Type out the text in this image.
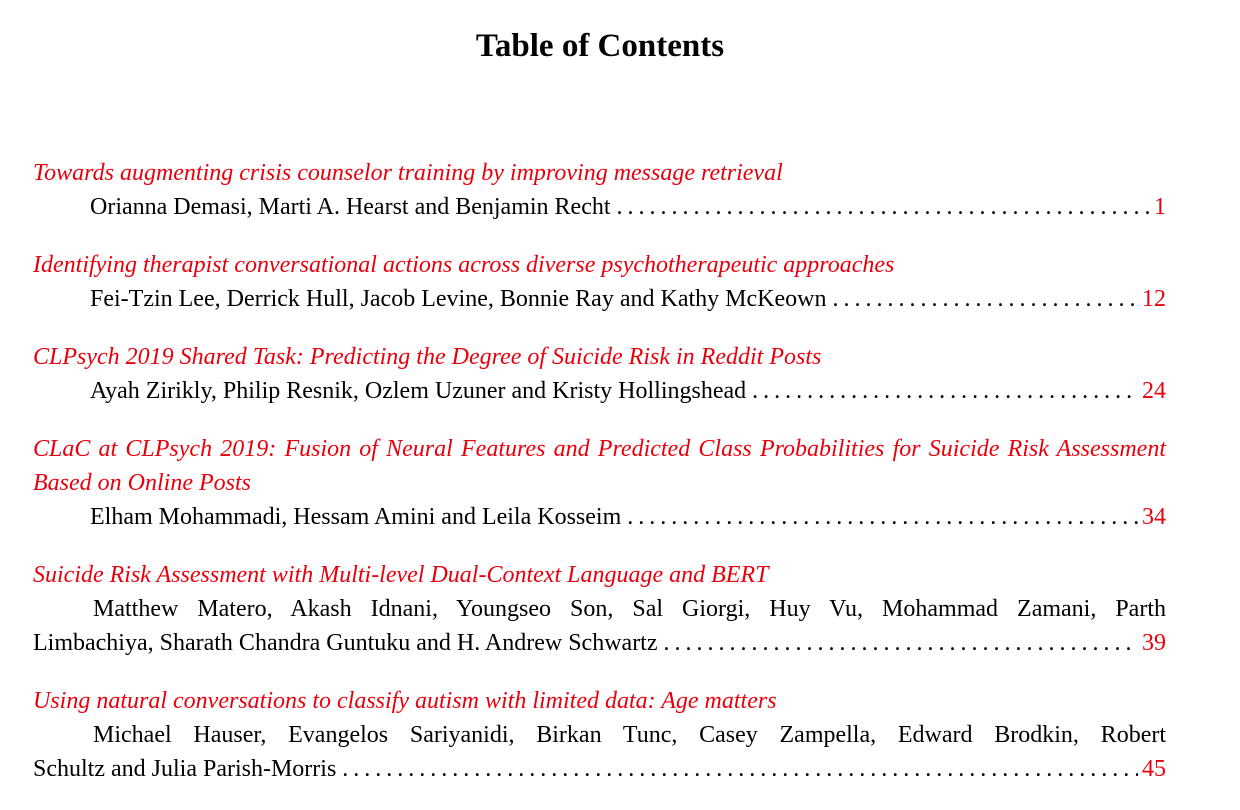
Table of Contents
Towards augmenting crisis counselor training by improving message retrieval
Orianna Demasi, Marti A. Hearst and Benjamin Recht . . .	1
Identifying therapist conversational actions across diverse psychotherapeutic approaches
Fei-Tzin Lee, Derrick Hull, Jacob Levine, Bonnie Ray and Kathy McKeown . . .	12
CLPsych 2019 Shared Task: Predicting the Degree of Suicide Risk in Reddit Posts
Ayah Zirikly, Philip Resnik, Ozlem Uzuner and Kristy Hollingshead . . .	24
CLaC at CLPsych 2019: Fusion of Neural Features and Predicted Class Probabilities for Suicide Risk Assessment Based on Online Posts
Elham Mohammadi, Hessam Amini and Leila Kosseim . . .	34
Suicide Risk Assessment with Multi-level Dual-Context Language and BERT
Matthew Matero, Akash Idnani, Youngseo Son, Sal Giorgi, Huy Vu, Mohammad Zamani, Parth
Limbachiya, Sharath Chandra Guntuku and H. Andrew Schwartz . . .	39
Using natural conversations to classify autism with limited data: Age matters
Michael Hauser, Evangelos Sariyanidi, Birkan Tunc, Casey Zampella, Edward Brodkin, Robert
Schultz and Julia Parish-Morris . . .	45
